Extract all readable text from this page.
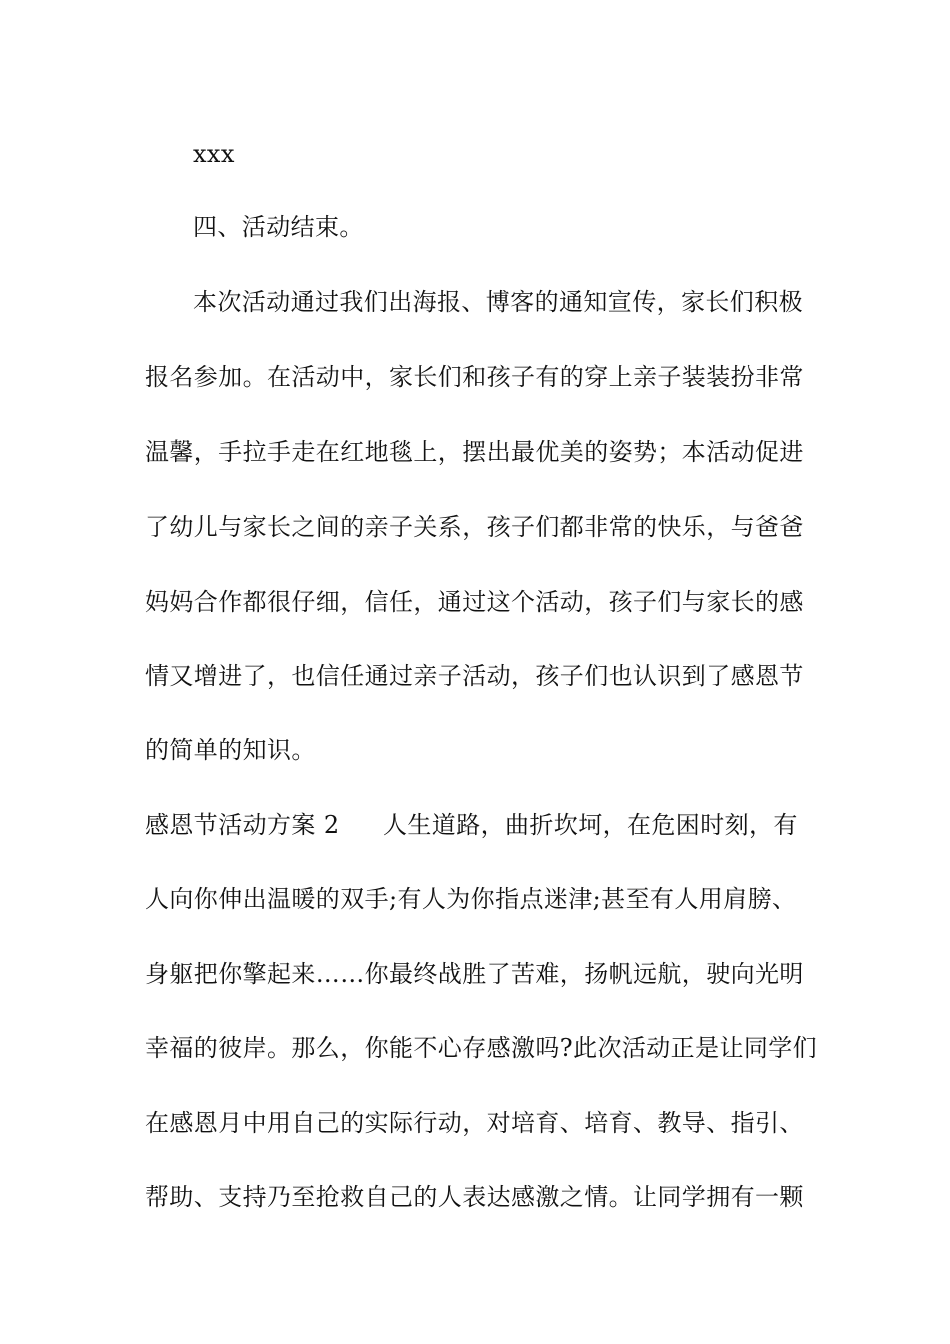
xxx
四、活动结束。
本次活动通过我们出海报、博客的通知宣传，家长们积极
报名参加。在活动中，家长们和孩子有的穿上亲子装装扮非常
温馨，手拉手走在红地毯上，摆出最优美的姿势；本活动促进
了幼儿与家长之间的亲子关系，孩子们都非常的快乐，与爸爸
妈妈合作都很仔细，信任，通过这个活动，孩子们与家长的感
情又增进了，也信任通过亲子活动，孩子们也认识到了感恩节
的简单的知识。
感恩节活动方案 2 人生道路，曲折坎坷，在危困时刻，有
人向你伸出温暖的双手;有人为你指点迷津;甚至有人用肩膀、
身躯把你擎起来……你最终战胜了苦难，扬帆远航，驶向光明
幸福的彼岸。那么，你能不心存感激吗?此次活动正是让同学们
在感恩月中用自己的实际行动，对培育、培育、教导、指引、
帮助、支持乃至抢救自己的人表达感激之情。让同学拥有一颗
